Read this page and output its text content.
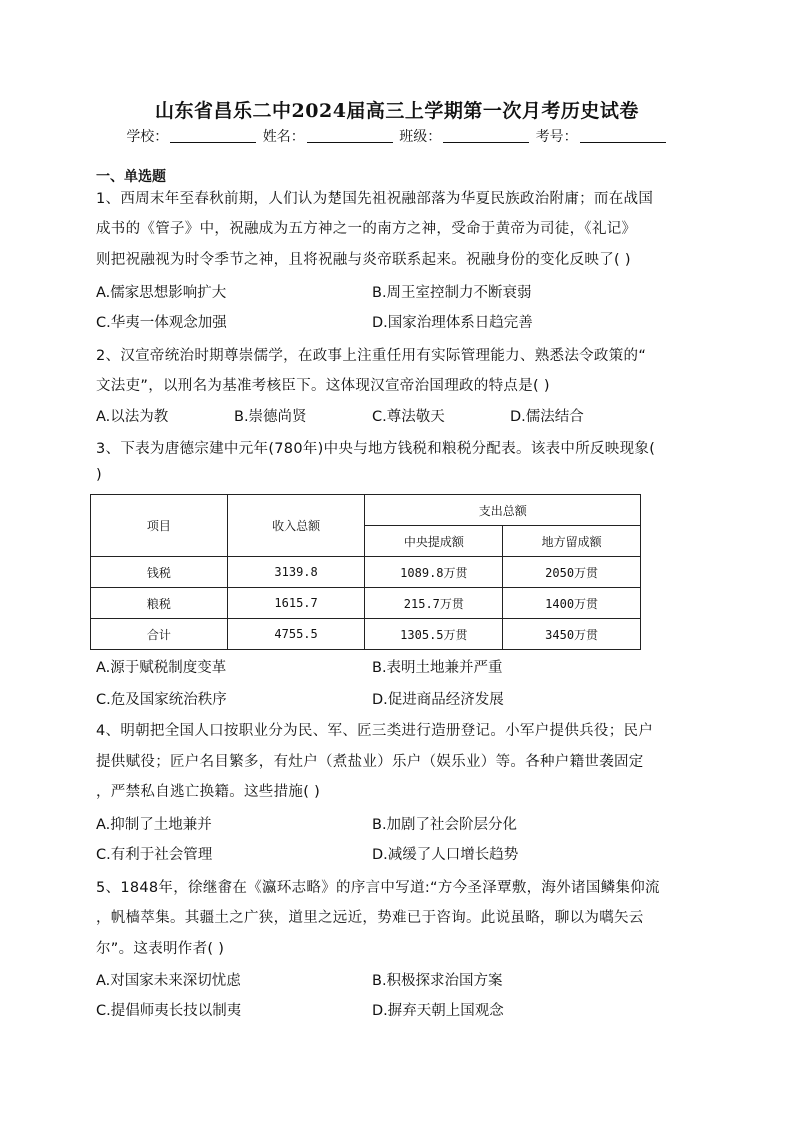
山东省昌乐二中2024届高三上学期第一次月考历史试卷
学校：	姓名：	班级：	考号：
一、单选题
1、西周末年至春秋前期，人们认为楚国先祖祝融部落为华夏民族政治附庸；而在战国
成书的《管子》中，祝融成为五方神之一的南方之神，受命于黄帝为司徒，《礼记》
则把祝融视为时令季节之神，且将祝融与炎帝联系起来。祝融身份的变化反映了( )
A.儒家思想影响扩大	B.周王室控制力不断衰弱
C.华夷一体观念加强	D.国家治理体系日趋完善
2、汉宣帝统治时期尊崇儒学，在政事上注重任用有实际管理能力、熟悉法令政策的“
文法吏”，以刑名为基准考核臣下。这体现汉宣帝治国理政的特点是( )
A.以法为教	B.崇德尚贤	C.尊法敬天	D.儒法结合
3、下表为唐德宗建中元年(780年)中央与地方钱税和粮税分配表。该表中所反映现象(
)
项目	收入总额	支出总额	
		中央提成额	地方留成额
钱税	3139.8	1089.8万贯	2050万贯
粮税	1615.7	215.7万贯	1400万贯
合计	4755.5	1305.5万贯	3450万贯
A.源于赋税制度变革	B.表明土地兼并严重
C.危及国家统治秩序	D.促进商品经济发展
4、明朝把全国人口按职业分为民、军、匠三类进行造册登记。小军户提供兵役；民户
提供赋役；匠户名目繁多，有灶户（煮盐业）乐户（娱乐业）等。各种户籍世袭固定
，严禁私自逃亡换籍。这些措施( )
A.抑制了土地兼并	B.加剧了社会阶层分化
C.有利于社会管理	D.减缓了人口增长趋势
5、1848年，徐继畬在《瀛环志略》的序言中写道:“方今圣泽覃敷，海外诸国鳞集仰流
，帆樯萃集。其疆土之广狭，道里之远近，势难已于咨询。此说虽略，聊以为嚆矢云
尔”。这表明作者( )
A.对国家未来深切忧虑	B.积极探求治国方案
C.提倡师夷长技以制夷	D.摒弃天朝上国观念
